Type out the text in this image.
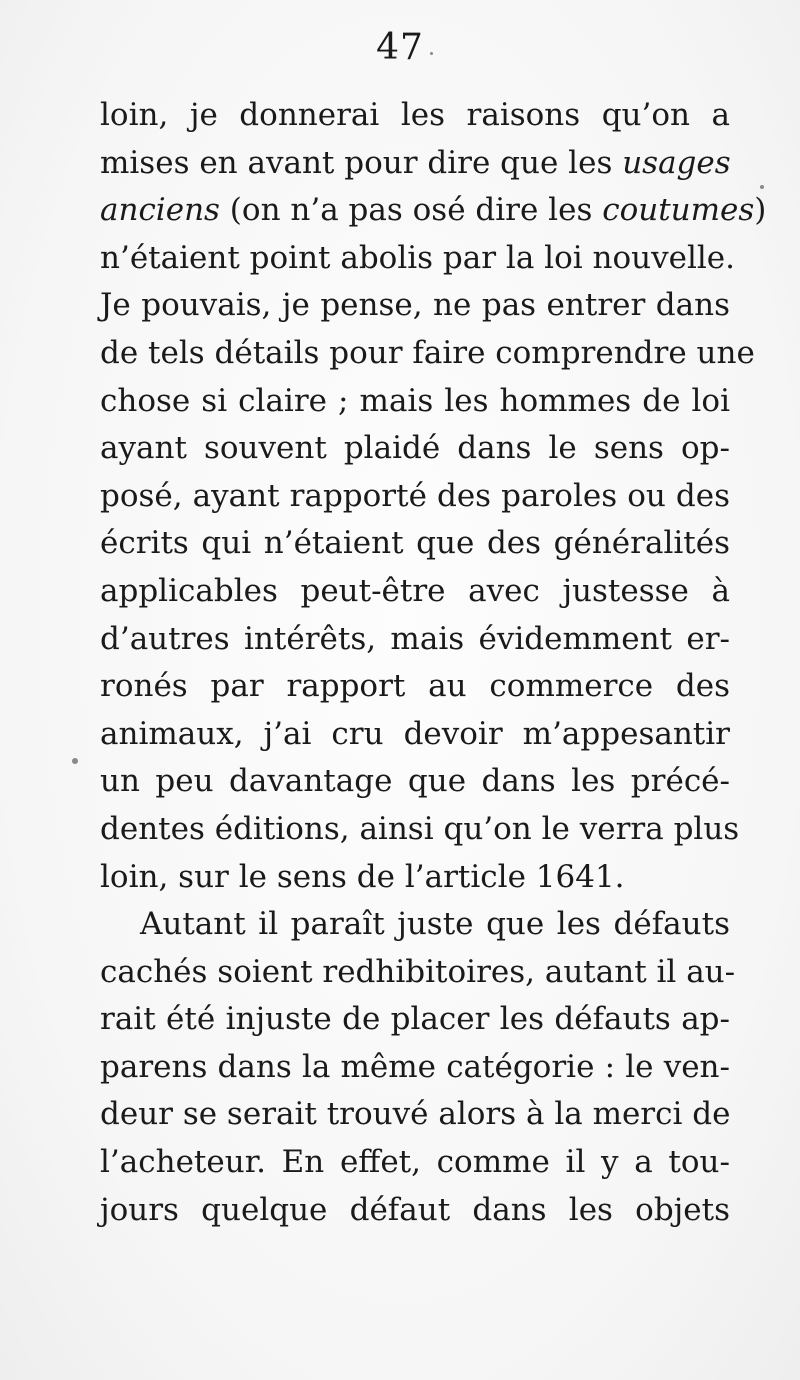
47
loin, je donnerai les raisons qu’on a
mises en avant pour dire que les usages
anciens (on n’a pas osé dire les coutumes)
n’étaient point abolis par la loi nouvelle.
Je pouvais, je pense, ne pas entrer dans
de tels détails pour faire comprendre une
chose si claire ; mais les hommes de loi
ayant souvent plaidé dans le sens op-
posé, ayant rapporté des paroles ou des
écrits qui n’étaient que des généralités
applicables peut-être avec justesse à
d’autres intérêts, mais évidemment er-
ronés par rapport au commerce des
animaux, j’ai cru devoir m’appesantir
un peu davantage que dans les précé-
dentes éditions, ainsi qu’on le verra plus
loin, sur le sens de l’article 1641.
Autant il paraît juste que les défauts
cachés soient redhibitoires, autant il au-
rait été injuste de placer les défauts ap-
parens dans la même catégorie : le ven-
deur se serait trouvé alors à la merci de
l’acheteur. En effet, comme il y a tou-
jours quelque défaut dans les objets
